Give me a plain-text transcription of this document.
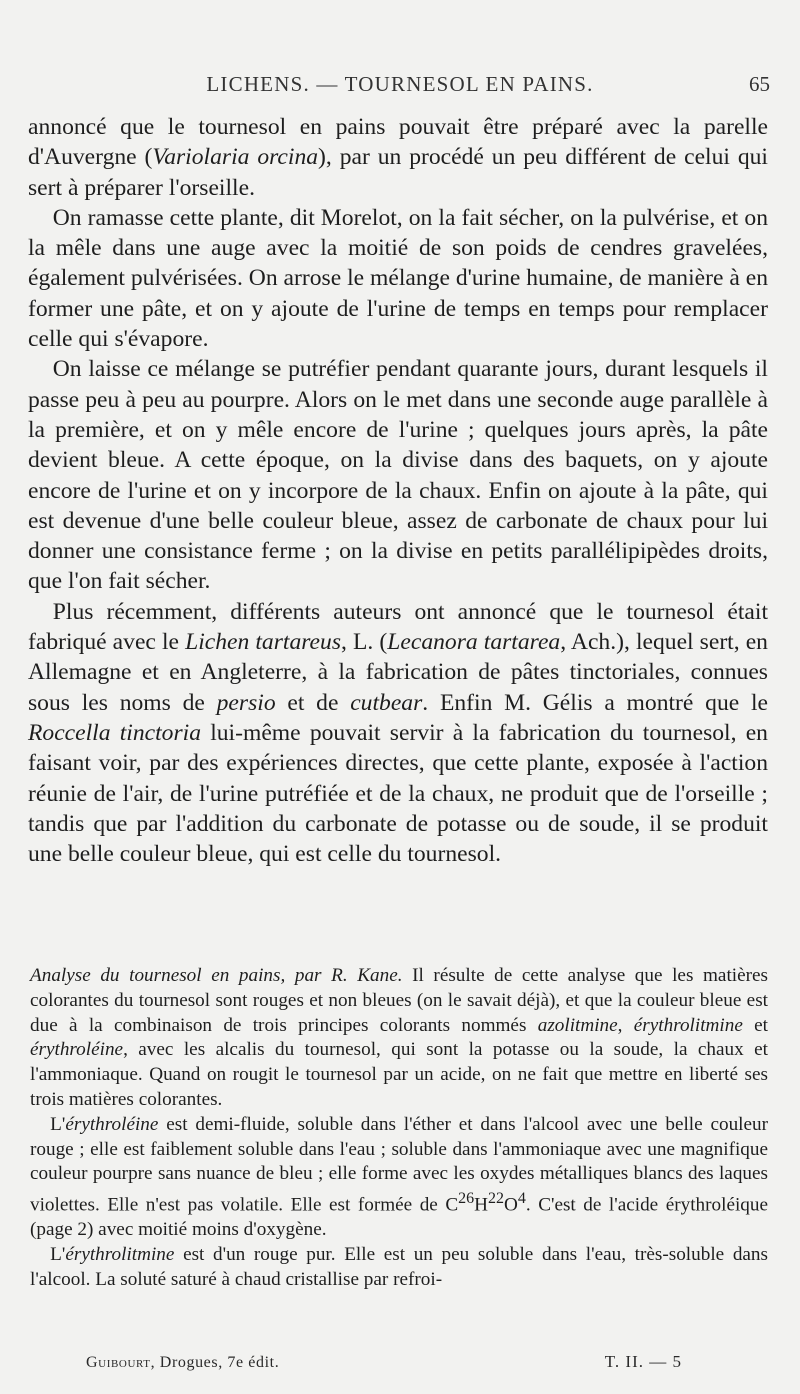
LICHENS. — TOURNESOL EN PAINS.	65

annoncé que le tournesol en pains pouvait être préparé avec la parelle d'Auvergne (Variolaria orcina), par un procédé un peu différent de celui qui sert à préparer l'orseille.

On ramasse cette plante, dit Morelot, on la fait sécher, on la pulvérise, et on la mêle dans une auge avec la moitié de son poids de cendres gravelées, également pulvérisées. On arrose le mélange d'urine humaine, de manière à en former une pâte, et on y ajoute de l'urine de temps en temps pour remplacer celle qui s'évapore.

On laisse ce mélange se putréfier pendant quarante jours, durant lesquels il passe peu à peu au pourpre. Alors on le met dans une seconde auge parallèle à la première, et on y mêle encore de l'urine ; quelques jours après, la pâte devient bleue. A cette époque, on la divise dans des baquets, on y ajoute encore de l'urine et on y incorpore de la chaux. Enfin on ajoute à la pâte, qui est devenue d'une belle couleur bleue, assez de carbonate de chaux pour lui donner une consistance ferme ; on la divise en petits parallélipipèdes droits, que l'on fait sécher.

Plus récemment, différents auteurs ont annoncé que le tournesol était fabriqué avec le Lichen tartareus, L. (Lecanora tartarea, Ach.), lequel sert, en Allemagne et en Angleterre, à la fabrication de pâtes tinctoriales, connues sous les noms de persio et de cutbear. Enfin M. Gélis a montré que le Roccella tinctoria lui-même pouvait servir à la fabrication du tournesol, en faisant voir, par des expériences directes, que cette plante, exposée à l'action réunie de l'air, de l'urine putréfiée et de la chaux, ne produit que de l'orseille ; tandis que par l'addition du carbonate de potasse ou de soude, il se produit une belle couleur bleue, qui est celle du tournesol.

Analyse du tournesol en pains, par R. Kane. Il résulte de cette analyse que les matières colorantes du tournesol sont rouges et non bleues (on le savait déjà), et que la couleur bleue est due à la combinaison de trois principes colorants nommés azolitmine, érythrolitmine et érythroléine, avec les alcalis du tournesol, qui sont la potasse ou la soude, la chaux et l'ammoniaque. Quand on rougit le tournesol par un acide, on ne fait que mettre en liberté ses trois matières colorantes.

L'érythroléine est demi-fluide, soluble dans l'éther et dans l'alcool avec une belle couleur rouge ; elle est faiblement soluble dans l'eau ; soluble dans l'ammoniaque avec une magnifique couleur pourpre sans nuance de bleu ; elle forme avec les oxydes métalliques blancs des laques violettes. Elle n'est pas volatile. Elle est formée de $C^{26}H^{22}O^4$. C'est de l'acide érythroléique (page 2) avec moitié moins d'oxygène.

L'érythrolitmine est d'un rouge pur. Elle est un peu soluble dans l'eau, très-soluble dans l'alcool. La soluté saturé à chaud cristallise par refroi-

Guibourt, Drogues, 7e édit.	T. II. — 5
